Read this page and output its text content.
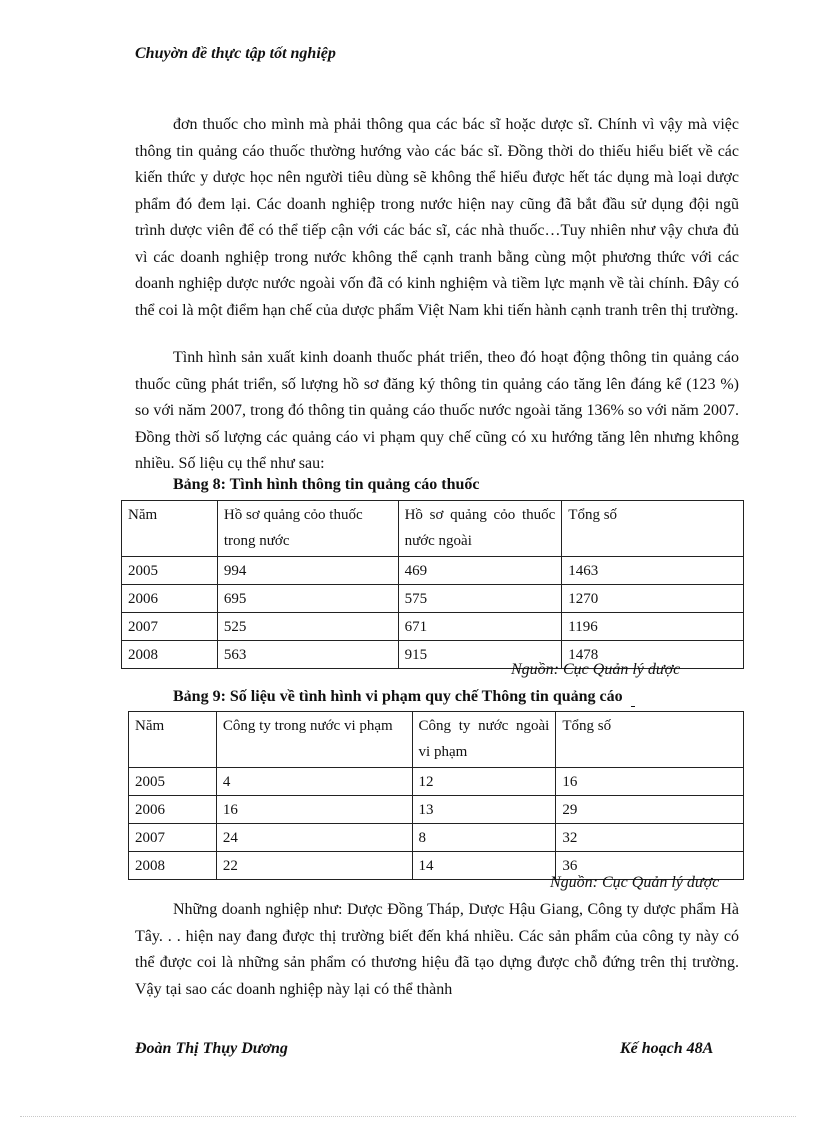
Chuyờn đề thực tập tốt nghiệp

đơn thuốc cho mình mà phải thông qua các bác sĩ hoặc dược sĩ. Chính vì vậy mà việc thông tin quảng cáo thuốc thường hướng vào các bác sĩ. Đồng thời do thiếu hiểu biết về các kiến thức y dược học nên người tiêu dùng sẽ không thể hiểu được hết tác dụng mà loại dược phẩm đó đem lại. Các doanh nghiệp trong nước hiện nay cũng đã bắt đầu sử dụng đội ngũ trình dược viên để có thể tiếp cận với các bác sĩ, các nhà thuốc…Tuy nhiên như vậy chưa đủ vì các doanh nghiệp trong nước không thể cạnh tranh bằng cùng một phương thức với các doanh nghiệp dược nước ngoài vốn đã có kinh nghiệm và tiềm lực mạnh về tài chính. Đây có thể coi là một điểm hạn chế của dược phẩm Việt Nam khi tiến hành cạnh tranh trên thị trường.

Tình hình sản xuất kinh doanh thuốc phát triển, theo đó hoạt động thông tin quảng cáo thuốc cũng phát triển, số lượng hồ sơ đăng ký thông tin quảng cáo tăng lên đáng kể (123 %) so với năm 2007, trong đó thông tin quảng cáo thuốc nước ngoài tăng 136% so với năm 2007. Đồng thời số lượng các quảng cáo vi phạm quy chế cũng có xu hướng tăng lên nhưng không nhiều. Số liệu cụ thể như sau:

Bảng 8: Tình hình thông tin quảng cáo thuốc
Năm	Hồ sơ quảng cỏo thuốc trong nước	Hồ sơ quảng cỏo thuốc nước ngoài	Tổng số
2005	994	469	1463
2006	695	575	1270
2007	525	671	1196
2008	563	915	1478
Nguồn: Cục Quản lý dược
Bảng 9: Số liệu về tình hình vi phạm quy chế Thông tin quảng cáo
Năm	Công ty trong nước vi phạm	Công ty nước ngoài vi phạm	Tổng số
2005	4	12	16
2006	16	13	29
2007	24	8	32
2008	22	14	36
Nguồn: Cục Quản lý dược

Những doanh nghiệp như: Dược Đồng Tháp, Dược Hậu Giang, Công ty dược phẩm Hà Tây. . . hiện nay đang được thị trường biết đến khá nhiều. Các sản phẩm của công ty này có thể được coi là những sản phẩm có thương hiệu đã tạo dựng được chỗ đứng trên thị trường. Vậy tại sao các doanh nghiệp này lại có thể thành

Đoàn Thị Thụy Dương	Kế hoạch 48A
